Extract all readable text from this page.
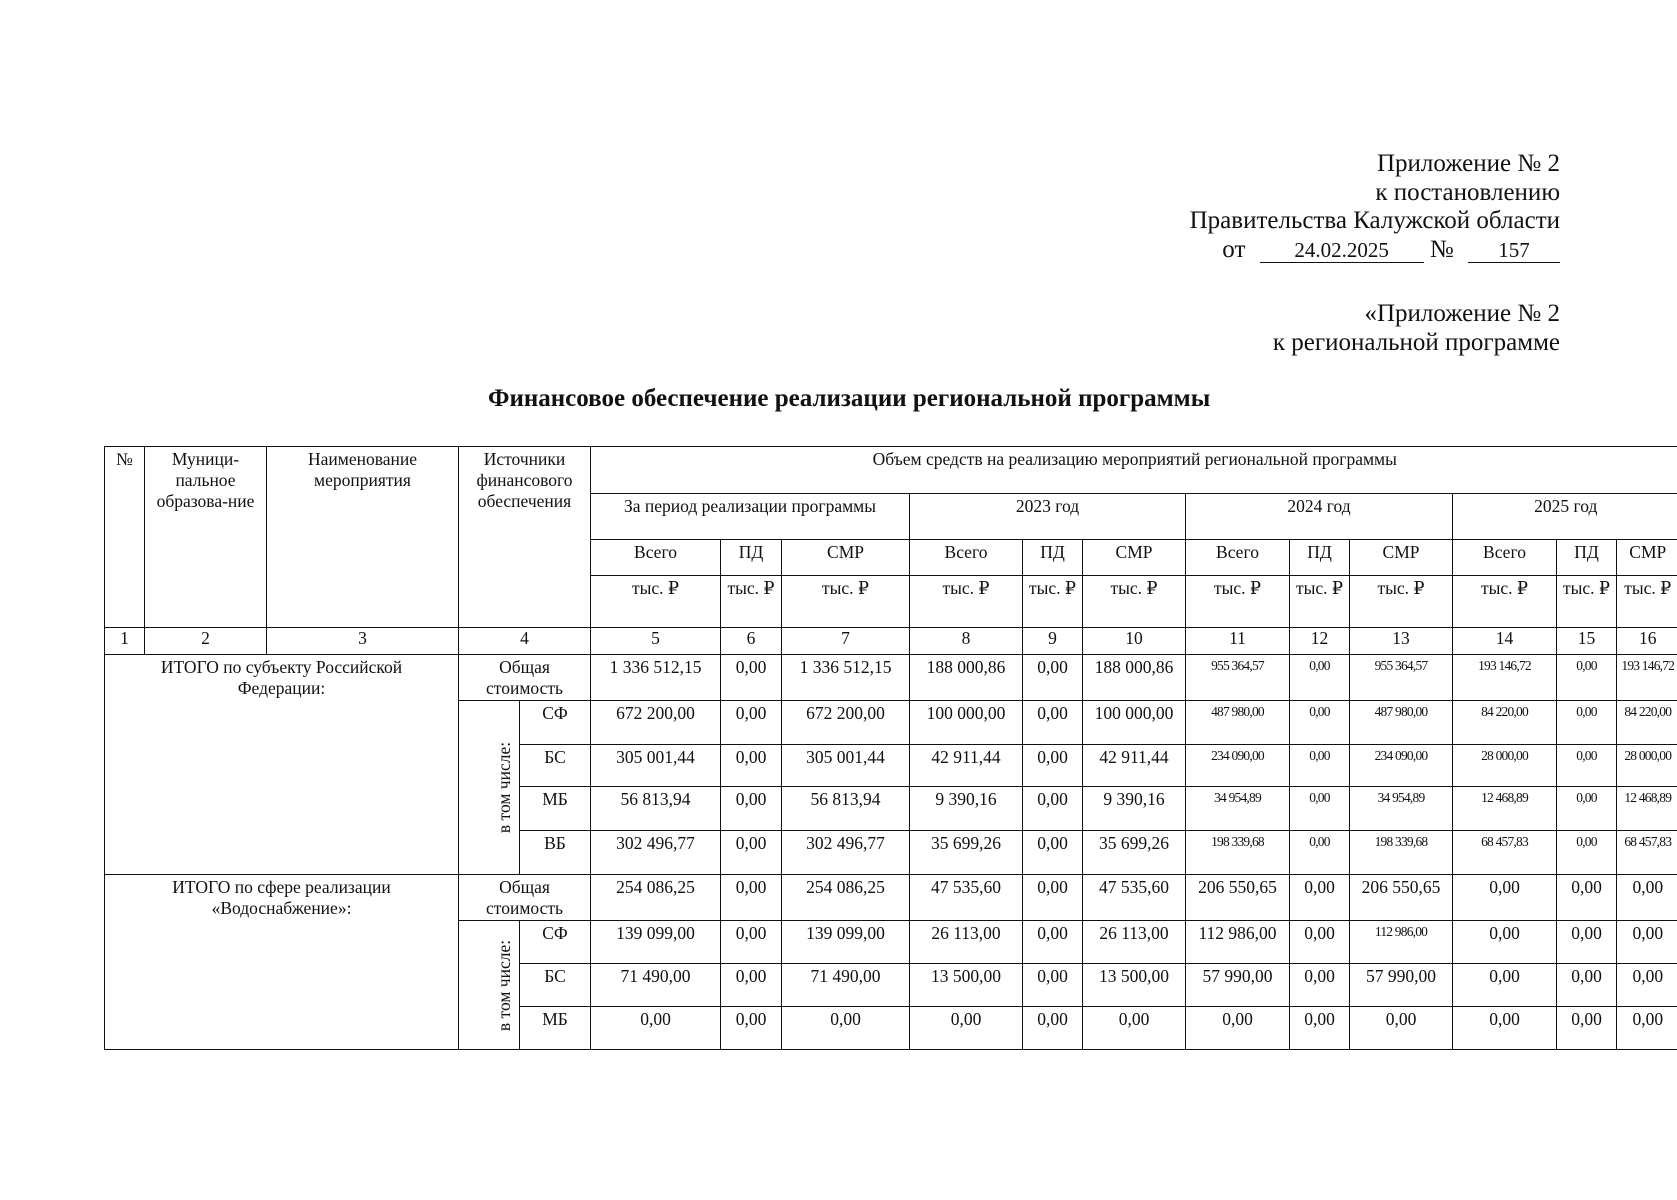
Приложение № 2
к постановлению
Правительства Калужской области
от 24.02.2025 № 157
«Приложение № 2
к региональной программе
Финансовое обеспечение реализации региональной программы
№	Муници-пальное образова-ние	Наименование мероприятия	Источники финансового обеспечения		Объем средств на реализацию мероприятий региональной программы											
					За период реализации программы			2023 год			2024 год			2025 год		
					Всего	ПД	СМР	Всего	ПД	СМР	Всего	ПД	СМР	Всего	ПД	СМР
					тыс. ₽	тыс. ₽	тыс. ₽	тыс. ₽	тыс. ₽	тыс. ₽	тыс. ₽	тыс. ₽	тыс. ₽	тыс. ₽	тыс. ₽	тыс. ₽
1	2	3	4		5	6	7	8	9	10	11	12	13	14	15	16
ИТОГО по субъекту Российской Федерации:			Общая стоимость		1 336 512,15	0,00	1 336 512,15	188 000,86	0,00	188 000,86	955 364,57	0,00	955 364,57	193 146,72	0,00	193 146,72
			в том числе:	СФ	672 200,00	0,00	672 200,00	100 000,00	0,00	100 000,00	487 980,00	0,00	487 980,00	84 220,00	0,00	84 220,00
				БС	305 001,44	0,00	305 001,44	42 911,44	0,00	42 911,44	234 090,00	0,00	234 090,00	28 000,00	0,00	28 000,00
				МБ	56 813,94	0,00	56 813,94	9 390,16	0,00	9 390,16	34 954,89	0,00	34 954,89	12 468,89	0,00	12 468,89
				ВБ	302 496,77	0,00	302 496,77	35 699,26	0,00	35 699,26	198 339,68	0,00	198 339,68	68 457,83	0,00	68 457,83
ИТОГО по сфере реализации «Водоснабжение»:			Общая стоимость		254 086,25	0,00	254 086,25	47 535,60	0,00	47 535,60	206 550,65	0,00	206 550,65	0,00	0,00	0,00
			в том числе:	СФ	139 099,00	0,00	139 099,00	26 113,00	0,00	26 113,00	112 986,00	0,00	112 986,00	0,00	0,00	0,00
				БС	71 490,00	0,00	71 490,00	13 500,00	0,00	13 500,00	57 990,00	0,00	57 990,00	0,00	0,00	0,00
				МБ	0,00	0,00	0,00	0,00	0,00	0,00	0,00	0,00	0,00	0,00	0,00	0,00
